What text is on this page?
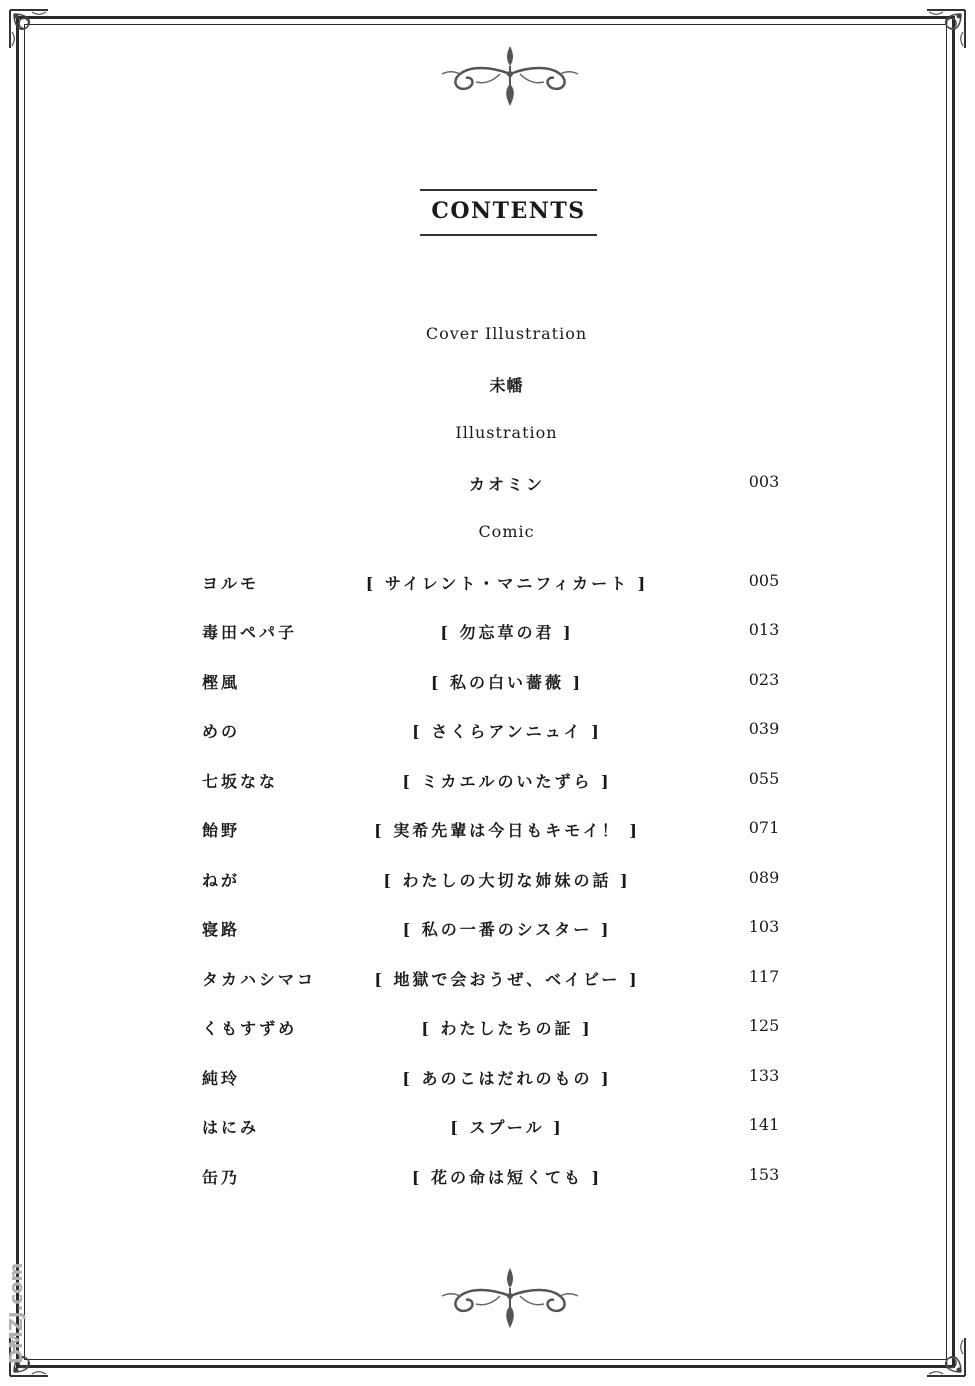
CONTENTS
Cover Illustration
未幡
Illustration
カオミン	003
Comic
ヨルモ	[ サイレント・マニフィカート ]	005
毒田ペパ子	[ 勿忘草の君 ]	013
樫風	[ 私の白い薔薇 ]	023
めの	[ さくらアンニュイ ]	039
七坂なな	[ ミカエルのいたずら ]	055
飴野	[ 実希先輩は今日もキモイ！ ]	071
ねが	[ わたしの大切な姉妹の話 ]	089
寝路	[ 私の一番のシスター ]	103
タカハシマコ	[ 地獄で会おうぜ、ベイビー ]	117
くもすずめ	[ わたしたちの証 ]	125
純玲	[ あのこはだれのもの ]	133
はにみ	[ スプール ]	141
缶乃	[ 花の命は短くても ]	153
DMZJ.com
